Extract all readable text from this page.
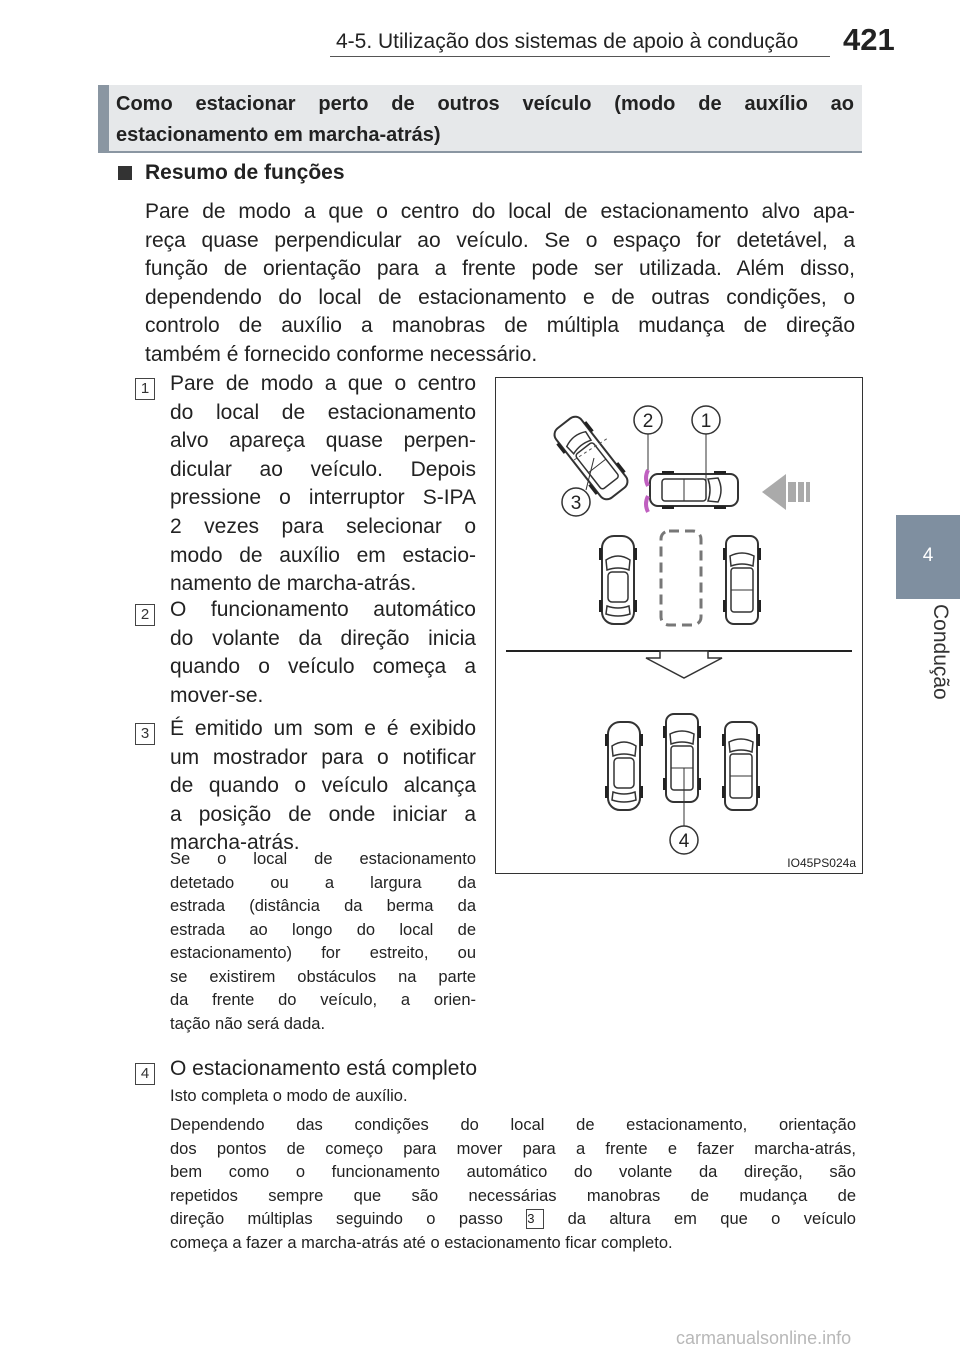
4-5. Utilização dos sistemas de apoio à condução 421
4
Condução
Como estacionar perto de outros veículo (modo de auxílio ao
estacionamento em marcha-atrás)
Resumo de funções
Pare de modo a que o centro do local de estacionamento alvo apa-
reça quase perpendicular ao veículo. Se o espaço for detetável, a
função de orientação para a frente pode ser utilizada. Além disso,
dependendo do local de estacionamento e de outras condições, o
controlo de auxílio a manobras de múltipla mudança de direção
também é fornecido conforme necessário.
1 Pare de modo a que o centro
do local de estacionamento
alvo apareça quase perpen-
dicular ao veículo. Depois
pressione o interruptor S-IPA
2 vezes para selecionar o
modo de auxílio em estacio-
namento de marcha-atrás.
2 O funcionamento automático
do volante da direção inicia
quando o veículo começa a
mover-se.
3 É emitido um som e é exibido
um mostrador para o notificar
de quando o veículo alcança
a posição de onde iniciar a
marcha-atrás.
Se o local de estacionamento
detetado ou a largura da
estrada (distância da berma da
estrada ao longo do local de
estacionamento) for estreito, ou
se existirem obstáculos na parte
da frente do veículo, a orien-
tação não será dada.
4 O estacionamento está completo
Isto completa o modo de auxílio.
Dependendo das condições do local de estacionamento, orientação
dos pontos de começo para mover para a frente e fazer marcha-atrás,
bem como o funcionamento automático do volante da direção, são
repetidos sempre que são necessárias manobras de mudança de
direção múltiplas seguindo o passo 3 da altura em que o veículo
começa a fazer a marcha-atrás até o estacionamento ficar completo.
1
2
3
4
IO45PS024a
carmanualsonline.info
